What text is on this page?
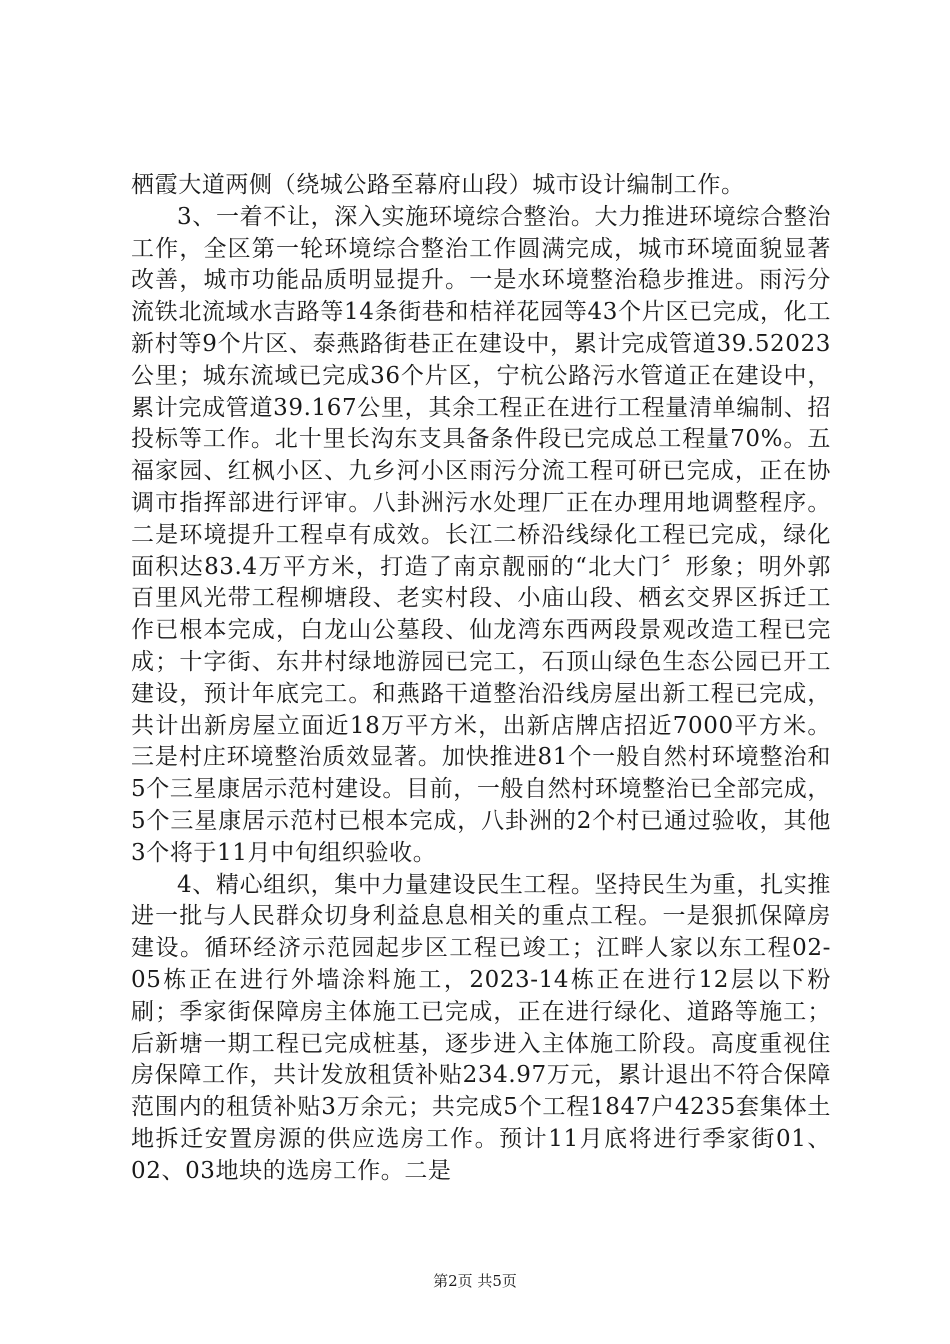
栖霞大道两侧（绕城公路至幕府山段）城市设计编制工作。

3、一着不让，深入实施环境综合整治。大力推进环境综合整治工作，全区第一轮环境综合整治工作圆满完成，城市环境面貌显著改善，城市功能品质明显提升。一是水环境整治稳步推进。雨污分流铁北流域水吉路等14条街巷和桔祥花园等43个片区已完成，化工新村等9个片区、泰燕路街巷正在建设中，累计完成管道39.52023公里；城东流域已完成36个片区，宁杭公路污水管道正在建设中，累计完成管道39.167公里，其余工程正在进行工程量清单编制、招投标等工作。北十里长沟东支具备条件段已完成总工程量70%。五福家园、红枫小区、九乡河小区雨污分流工程可研已完成，正在协调市指挥部进行评审。八卦洲污水处理厂正在办理用地调整程序。二是环境提升工程卓有成效。长江二桥沿线绿化工程已完成，绿化面积达83.4万平方米，打造了南京靓丽的“北大门〞形象；明外郭百里风光带工程柳塘段、老实村段、小庙山段、栖玄交界区拆迁工作已根本完成，白龙山公墓段、仙龙湾东西两段景观改造工程已完成；十字街、东井村绿地游园已完工，石顶山绿色生态公园已开工建设，预计年底完工。和燕路干道整治沿线房屋出新工程已完成，共计出新房屋立面近18万平方米，出新店牌店招近7000平方米。三是村庄环境整治质效显著。加快推进81个一般自然村环境整治和5个三星康居示范村建设。目前，一般自然村环境整治已全部完成，5个三星康居示范村已根本完成，八卦洲的2个村已通过验收，其他3个将于11月中旬组织验收。

4、精心组织，集中力量建设民生工程。坚持民生为重，扎实推进一批与人民群众切身利益息息相关的重点工程。一是狠抓保障房建设。循环经济示范园起步区工程已竣工；江畔人家以东工程02-05栋正在进行外墙涂料施工，2023-14栋正在进行12层以下粉刷；季家街保障房主体施工已完成，正在进行绿化、道路等施工；后新塘一期工程已完成桩基，逐步进入主体施工阶段。高度重视住房保障工作，共计发放租赁补贴234.97万元，累计退出不符合保障范围内的租赁补贴3万余元；共完成5个工程1847户4235套集体土地拆迁安置房源的供应选房工作。预计11月底将进行季家街01、02、03地块的选房工作。二是

第2页 共5页
